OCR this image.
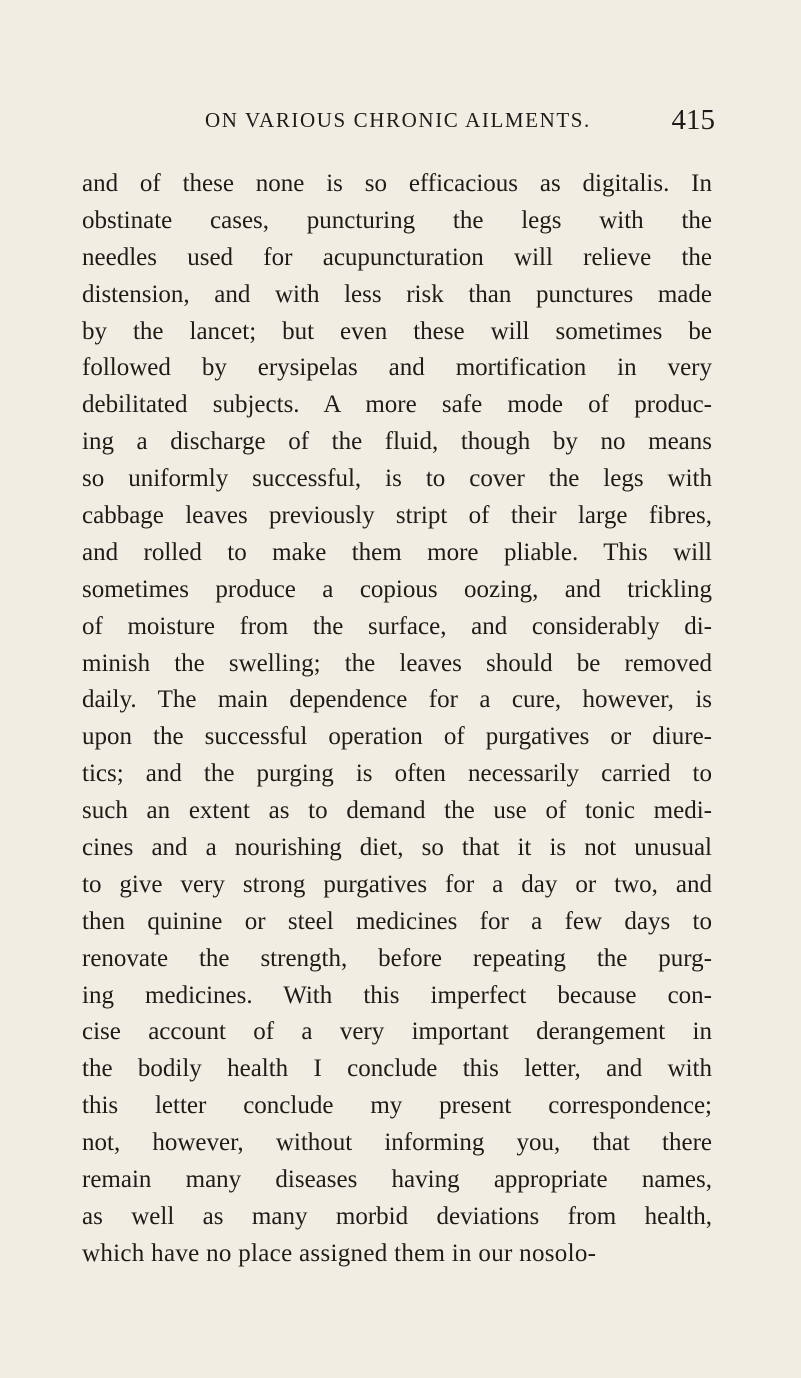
ON VARIOUS CHRONIC AILMENTS.	415
and of these none is so efficacious as digitalis. In
obstinate cases, puncturing the legs with the
needles used for acupuncturation will relieve the
distension, and with less risk than punctures made
by the lancet; but even these will sometimes be
followed by erysipelas and mortification in very
debilitated subjects. A more safe mode of produc-
ing a discharge of the fluid, though by no means
so uniformly successful, is to cover the legs with
cabbage leaves previously stript of their large fibres,
and rolled to make them more pliable. This will
sometimes produce a copious oozing, and trickling
of moisture from the surface, and considerably di-
minish the swelling; the leaves should be removed
daily. The main dependence for a cure, however, is
upon the successful operation of purgatives or diure-
tics; and the purging is often necessarily carried to
such an extent as to demand the use of tonic medi-
cines and a nourishing diet, so that it is not unusual
to give very strong purgatives for a day or two, and
then quinine or steel medicines for a few days to
renovate the strength, before repeating the purg-
ing medicines. With this imperfect because con-
cise account of a very important derangement in
the bodily health I conclude this letter, and with
this letter conclude my present correspondence;
not, however, without informing you, that there
remain many diseases having appropriate names,
as well as many morbid deviations from health,
which have no place assigned them in our nosolo-
